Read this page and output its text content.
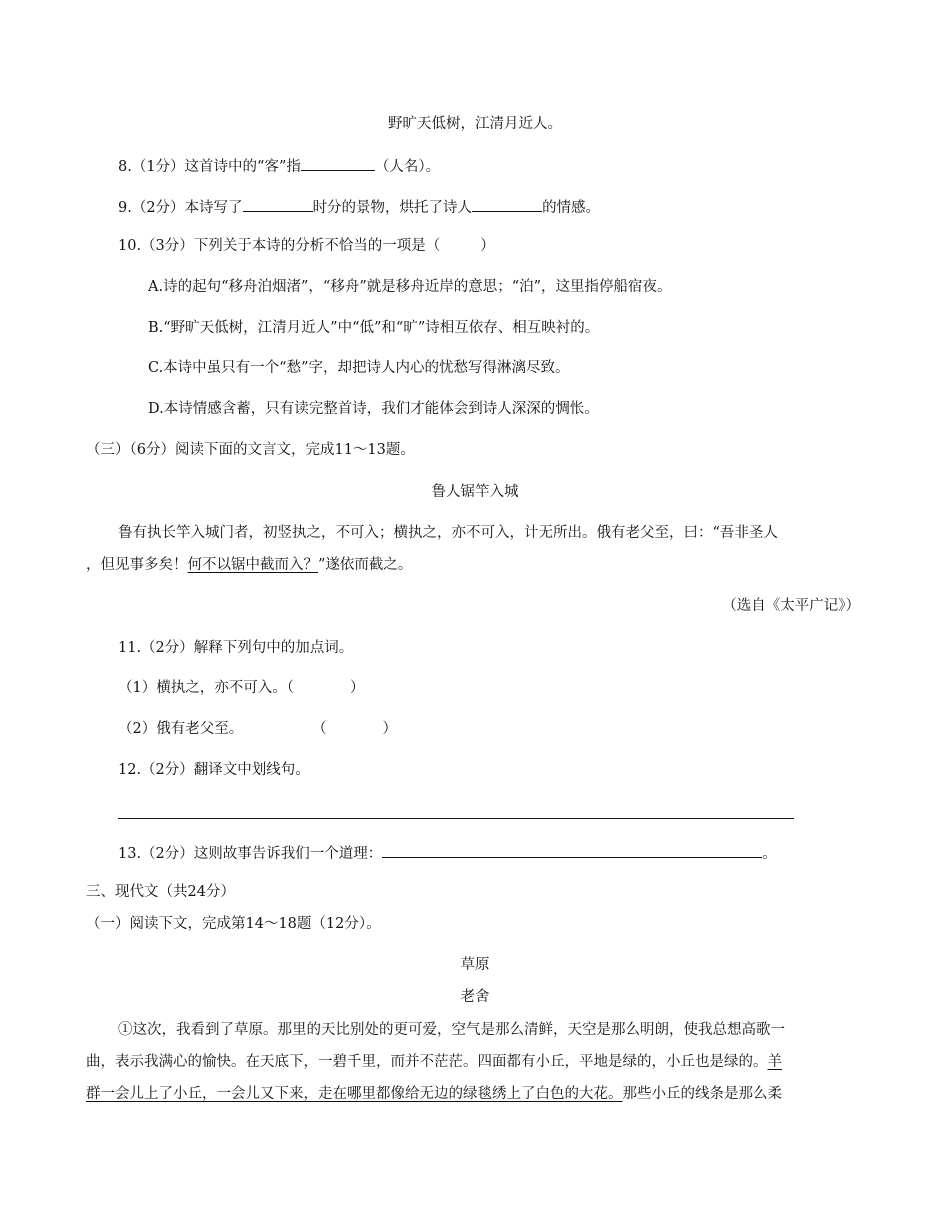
野旷天低树，江清月近人。
8.（1分）这首诗中的“客”指	（人名）。
9.（2分）本诗写了	时分的景物，烘托了诗人	的情感。
10.（3分）下列关于本诗的分析不恰当的一项是（	）
A.诗的起句“移舟泊烟渚”，“移舟”就是移舟近岸的意思；“泊”，这里指停船宿夜。
B.“野旷天低树，江清月近人”中“低”和“旷”诗相互依存、相互映衬的。
C.本诗中虽只有一个“愁”字，却把诗人内心的忧愁写得淋漓尽致。
D.本诗情感含蓄，只有读完整首诗，我们才能体会到诗人深深的惆怅。
（三）（6分）阅读下面的文言文，完成11～13题。
鲁人锯竿入城
鲁有执长竿入城门者，初竖执之，不可入；横执之，亦不可入，计无所出。俄有老父至，曰：“吾非圣人
，但见事多矣！何不以锯中截而入？”遂依而截之。
（选自《太平广记》）
11.（2分）解释下列句中的加点词。
（1）横执之，亦不可入。（	）
（2）俄有老父至。	（	）
12.（2分）翻译文中划线句。
13.（2分）这则故事告诉我们一个道理：	。
三、现代文（共24分）
（一）阅读下文，完成第14～18题（12分）。
草原
老舍
①这次，我看到了草原。那里的天比别处的更可爱，空气是那么清鲜，天空是那么明朗，使我总想高歌一
曲，表示我满心的愉快。在天底下，一碧千里，而并不茫茫。四面都有小丘，平地是绿的，小丘也是绿的。羊
群一会儿上了小丘，一会儿又下来，走在哪里都像给无边的绿毯绣上了白色的大花。那些小丘的线条是那么柔
